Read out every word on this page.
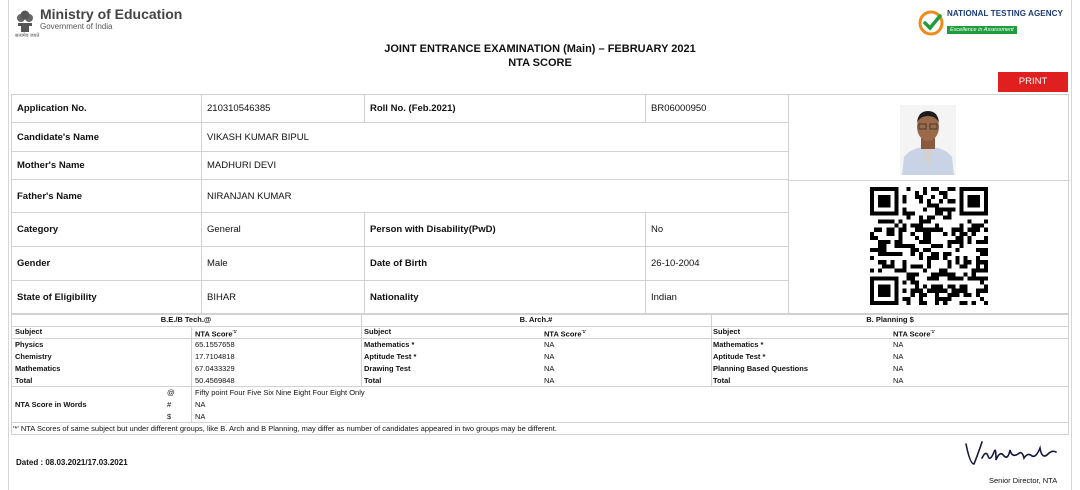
Ministry of Education
Government of India
सत्यमेव जयते
NATIONAL TESTING AGENCY
Excellence in Assessment
JOINT ENTRANCE EXAMINATION (Main) – FEBRUARY 2021
NTA SCORE
PRINT
Application No.	210310546385	Roll No. (Feb.2021)	BR06000950
Candidate's Name	VIKASH KUMAR BIPUL
Mother's Name	MADHURI DEVI
Father's Name	NIRANJAN KUMAR
Category	General	Person with Disability(PwD)	No
Gender	Male	Date of Birth	26-10-2004
State of Eligibility	BIHAR	Nationality	Indian
B.E./B Tech.@	B. Arch.#	B. Planning $
Subject	NTA Score$^{'1'}$	Subject	NTA Score$^{'1'}$	Subject	NTA Score$^{'1'}$
Physics	65.1557658	Mathematics *	NA	Mathematics *	NA
Chemistry	17.7104818	Aptitude Test *	NA	Aptitude Test *	NA
Mathematics	67.0433329	Drawing Test	NA	Planning Based Questions	NA
Total	50.4569848	Total	NA	Total	NA
NTA Score in Words
@	Fifty point Four Five Six Nine Eight Four Eight Only
#	NA
$	NA
'*' NTA Scores of same subject but under different groups, like B. Arch and B Planning, may differ as number of candidates appeared in two groups may be different.
Dated : 08.03.2021/17.03.2021
Senior Director, NTA
